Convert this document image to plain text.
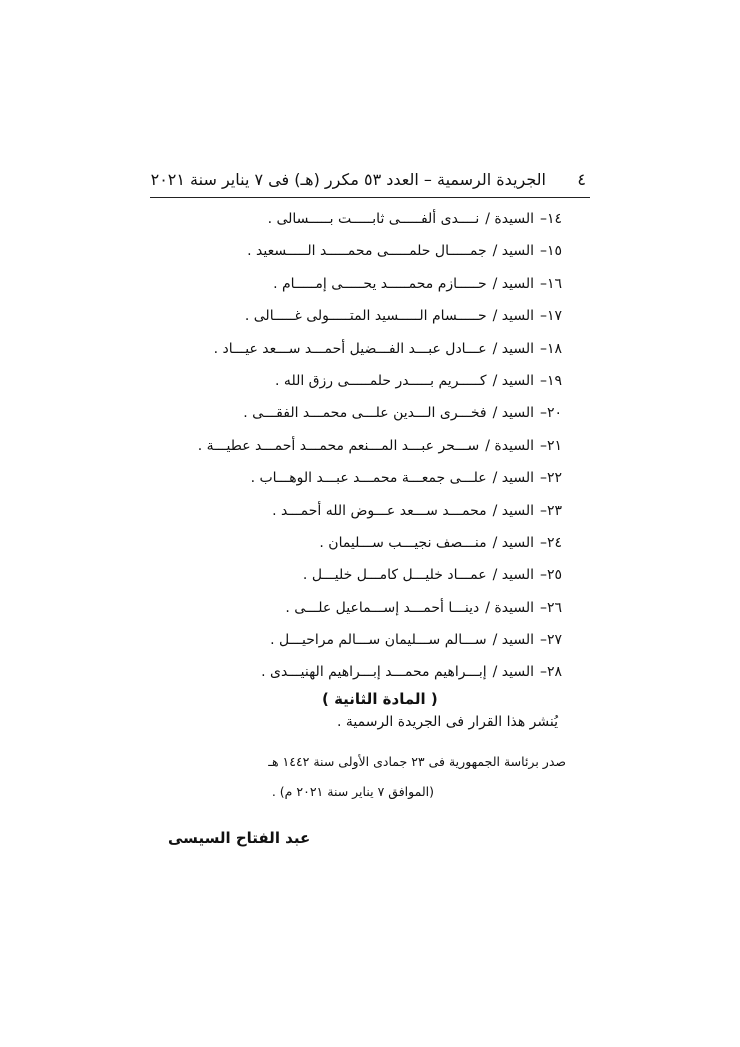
٤
الجريدة الرسمية – العدد ٥٣ مكرر (هـ) فى ٧ يناير سنة ٢٠٢١
١٤–السيدة /نــــدى ألفـــــى ثابـــــت بـــــسالى .
١٥–السيد /جمـــــال حلمـــــى محمـــــد الـــــسعيد .
١٦–السيد /حـــــازم محمـــــد يحـــــى إمـــــام .
١٧–السيد /حـــــسام الـــــسيد المتـــــولى غـــــالى .
١٨–السيد /عـــادل عبـــد الفـــضيل أحمـــد ســـعد عيـــاد .
١٩–السيد /كـــــريم بـــــدر حلمـــــى رزق الله .
٢٠–السيد /فخـــرى الـــدين علـــى محمـــد الفقـــى .
٢١–السيدة /ســـحر عبـــد المـــنعم محمـــد أحمـــد عطيـــة .
٢٢–السيد /علـــى جمعـــة محمـــد عبـــد الوهـــاب .
٢٣–السيد /محمـــد ســـعد عـــوض الله أحمـــد .
٢٤–السيد /منـــصف نجيـــب ســـليمان .
٢٥–السيد /عمـــاد خليـــل كامـــل خليـــل .
٢٦–السيدة /دينـــا أحمـــد إســـماعيل علـــى .
٢٧–السيد /ســـالم ســـليمان ســـالم مراحيـــل .
٢٨–السيد /إبـــراهيم محمـــد إبـــراهيم الهنيـــدى .
( المادة الثانية )
يُنشر هذا القرار فى الجريدة الرسمية .
صدر برئاسة الجمهورية فى ٢٣ جمادى الأولى سنة ١٤٤٢ هـ
(الموافق ٧ يناير سنة ٢٠٢١ م) .
عبد الفتاح السيسى
